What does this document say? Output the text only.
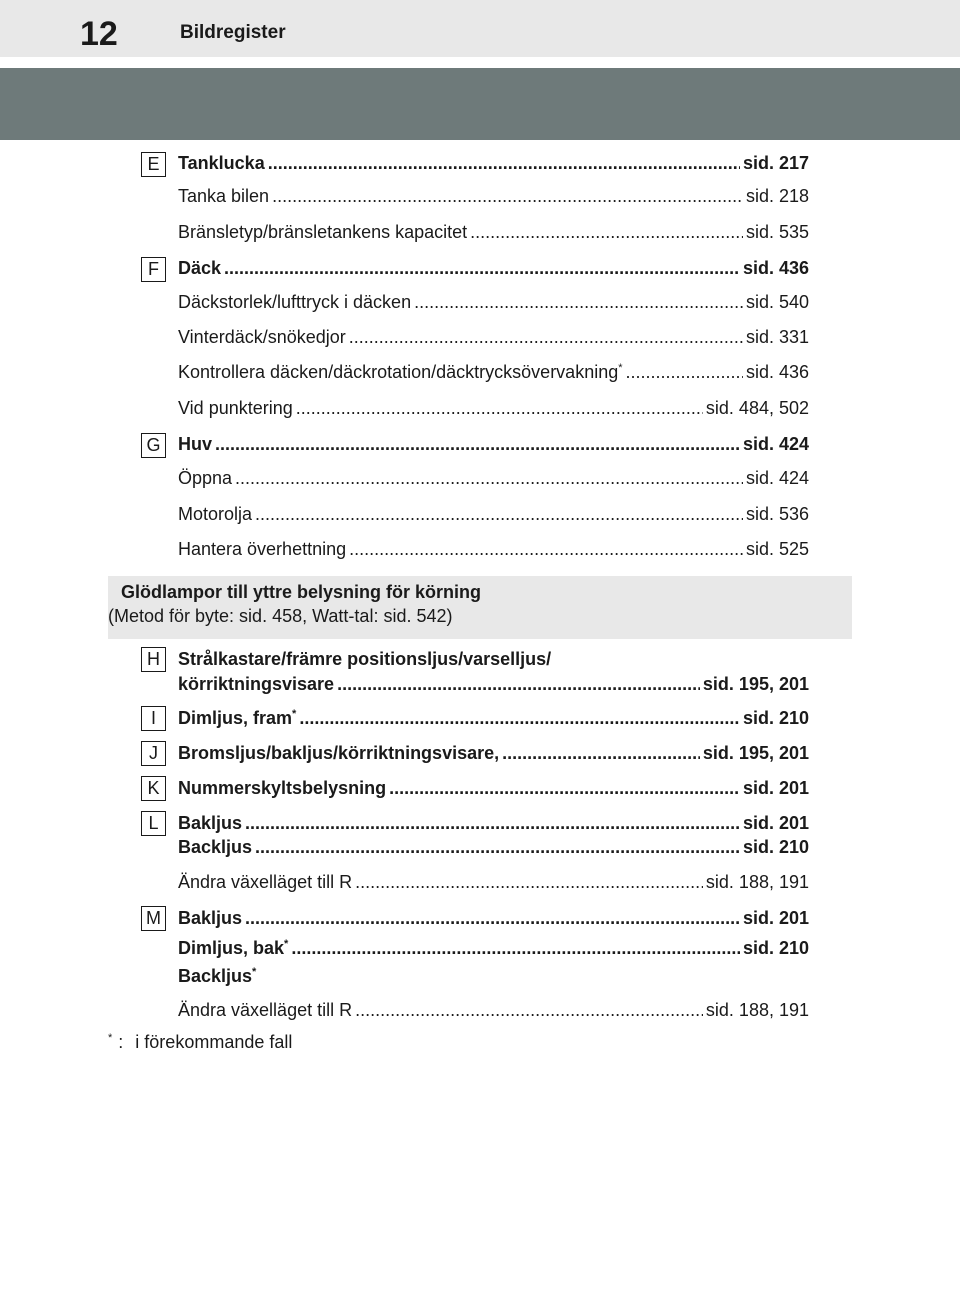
12	Bildregister
E	Tanklucka .....	sid. 217
Tanka bilen .....	sid. 218
Bränsletyp/bränsletankens kapacitet .....	sid. 535
F	Däck .....	sid. 436
Däckstorlek/lufttryck i däcken .....	sid. 540
Vinterdäck/snökedjor .....	sid. 331
Kontrollera däcken/däckrotation/däcktrycksövervakning* .....	sid. 436
Vid punktering .....	sid. 484, 502
G Huv .....	sid. 424
Öppna .....	sid. 424
Motorolja .....	sid. 536
Hantera överhettning .....	sid. 525
Glödlampor till yttre belysning för körning
(Metod för byte: sid. 458, Watt-tal: sid. 542)
H	Strålkastare/främre positionsljus/varselljus/
körriktningsvisare .....	sid. 195, 201
I	Dimljus, fram* .....	sid. 210
J	Bromsljus/bakljus/körriktningsvisare, .....	sid. 195, 201
K	Nummerskyltsbelysning .....	sid. 201
L	Bakljus .....	sid. 201
Backljus .....	sid. 210
Ändra växelläget till R .....	sid. 188, 191
M Bakljus .....	sid. 201
Dimljus, bak* .....	sid. 210
Backljus*
Ändra växelläget till R .....	sid. 188, 191
* : i förekommande fall
